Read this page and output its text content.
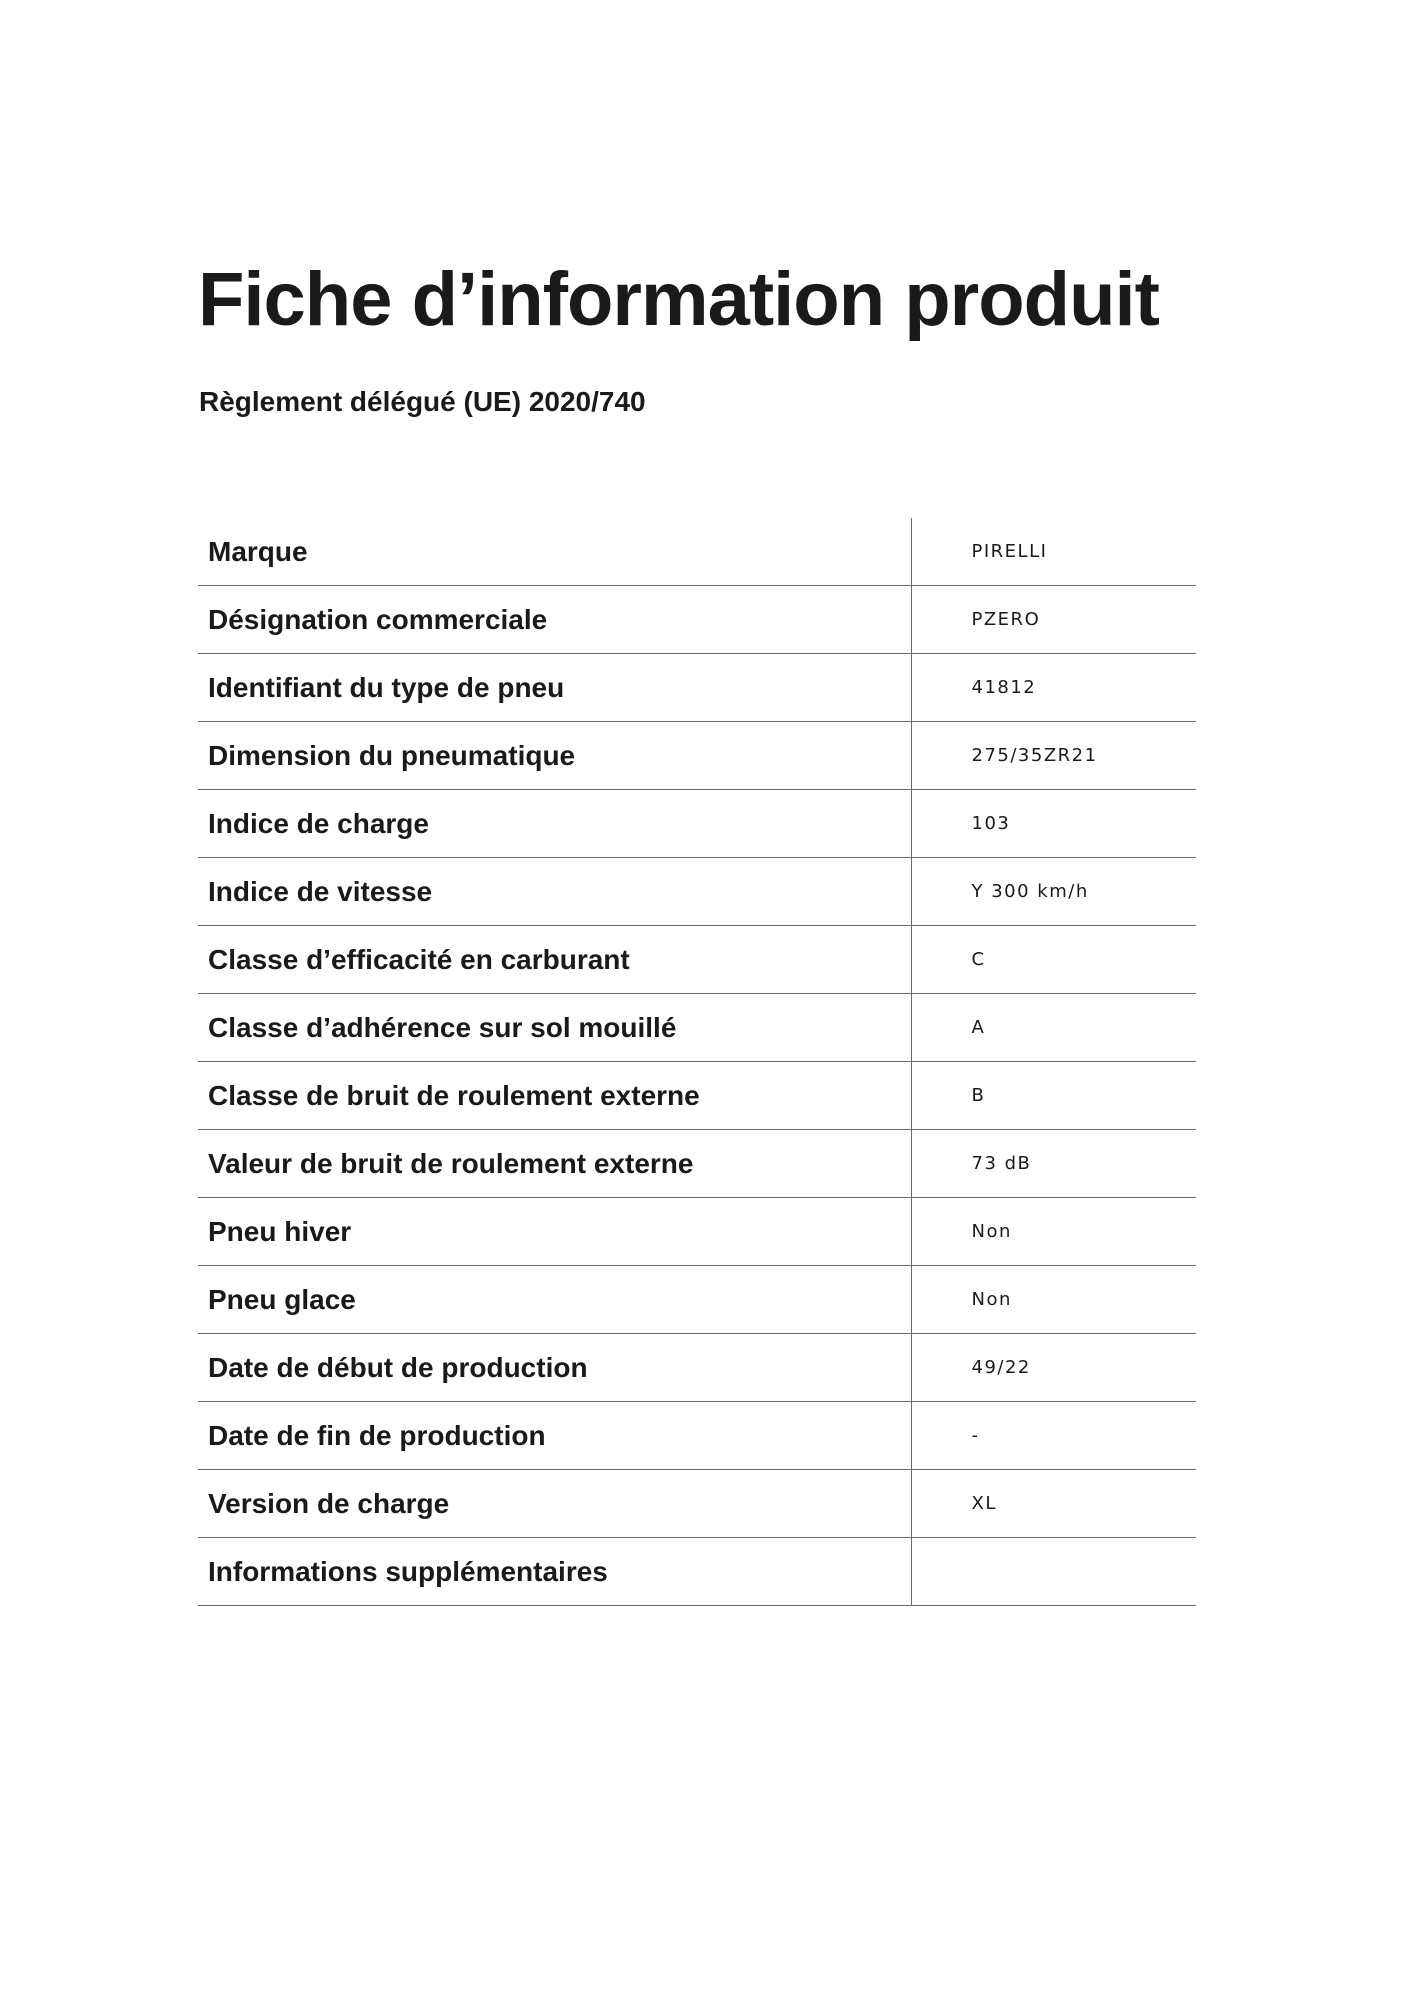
Fiche d’information produit
Règlement délégué (UE) 2020/740
Marque	PIRELLI
Désignation commerciale	PZERO
Identifiant du type de pneu	41812
Dimension du pneumatique	275/35ZR21
Indice de charge	103
Indice de vitesse	Y 300 km/h
Classe d’efficacité en carburant	C
Classe d’adhérence sur sol mouillé	A
Classe de bruit de roulement externe	B
Valeur de bruit de roulement externe	73 dB
Pneu hiver	Non
Pneu glace	Non
Date de début de production	49/22
Date de fin de production	-
Version de charge	XL
Informations supplémentaires	
